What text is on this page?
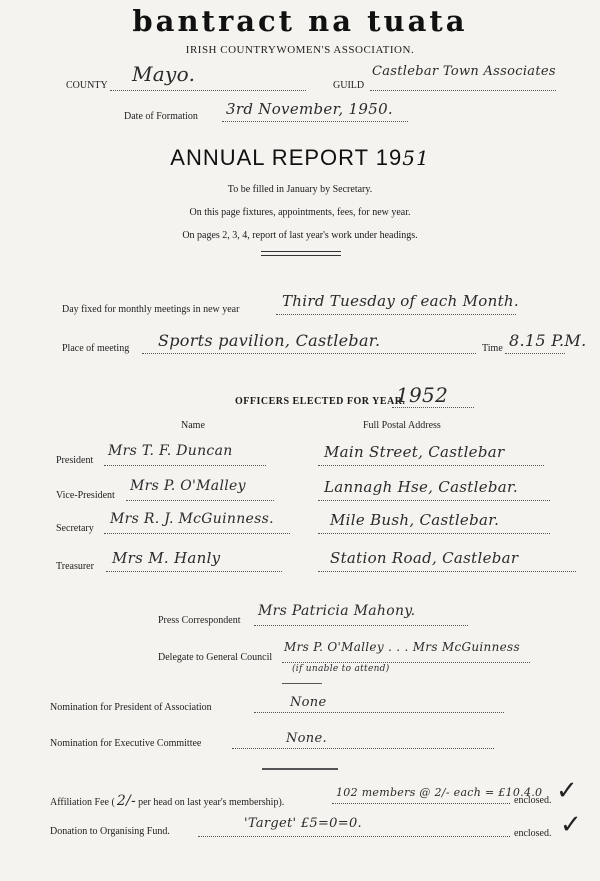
bantract na tuata
IRISH COUNTRYWOMEN'S ASSOCIATION.
COUNTY Mayo.	GUILD
Castlebar Town Associates
Date of Formation 3rd November, 1950.
ANNUAL REPORT 1951
To be filled in January by Secretary.
On this page fixtures, appointments, fees, for new year.
On pages 2, 3, 4, report of last year's work under headings.
Day fixed for monthly meetings in new year	Third Tuesday of each Month.
Place of meeting Sports pavilion, Castlebar.	Time 8.15 P.M.
OFFICERS ELECTED FOR YEAR.
1952
Name	Full Postal Address
President
Mrs T. F. Duncan	Main Street, Castlebar
Vice-President
Mrs P. O'Malley	Lannagh Hse, Castlebar.
Secretary
Mrs R. J. McGuinness.	Mile Bush, Castlebar.
Treasurer Mrs M. Hanly	Station Road, Castlebar
Press Correspondent
Mrs Patricia Mahony.
Delegate to General Council
Mrs P. O'Malley . . . Mrs McGuinness
(if unable to attend)
Nomination for President of Association	None
Nomination for Executive Committee	None.
Affiliation Fee ( 2/- per head on last year's membership).
102 members @ 2/- each = £10.4.0
enclosed. ✓
Donation to Organising Fund.
'Target' £5=0=0.
enclosed. ✓
